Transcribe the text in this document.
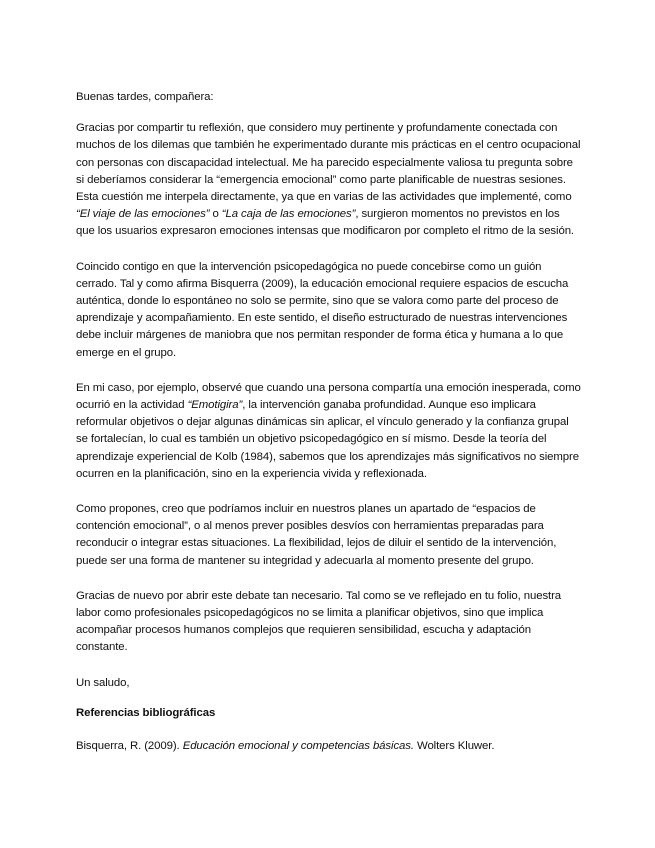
Buenas tardes, compañera:

Gracias por compartir tu reflexión, que considero muy pertinente y profundamente conectada con muchos de los dilemas que también he experimentado durante mis prácticas en el centro ocupacional con personas con discapacidad intelectual. Me ha parecido especialmente valiosa tu pregunta sobre si deberíamos considerar la “emergencia emocional” como parte planificable de nuestras sesiones. Esta cuestión me interpela directamente, ya que en varias de las actividades que implementé, como “El viaje de las emociones” o “La caja de las emociones”, surgieron momentos no previstos en los que los usuarios expresaron emociones intensas que modificaron por completo el ritmo de la sesión.

Coincido contigo en que la intervención psicopedagógica no puede concebirse como un guión cerrado. Tal y como afirma Bisquerra (2009), la educación emocional requiere espacios de escucha auténtica, donde lo espontáneo no solo se permite, sino que se valora como parte del proceso de aprendizaje y acompañamiento. En este sentido, el diseño estructurado de nuestras intervenciones debe incluir márgenes de maniobra que nos permitan responder de forma ética y humana a lo que emerge en el grupo.

En mi caso, por ejemplo, observé que cuando una persona compartía una emoción inesperada, como ocurrió en la actividad “Emotigira”, la intervención ganaba profundidad. Aunque eso implicara reformular objetivos o dejar algunas dinámicas sin aplicar, el vínculo generado y la confianza grupal se fortalecían, lo cual es también un objetivo psicopedagógico en sí mismo. Desde la teoría del aprendizaje experiencial de Kolb (1984), sabemos que los aprendizajes más significativos no siempre ocurren en la planificación, sino en la experiencia vivida y reflexionada.

Como propones, creo que podríamos incluir en nuestros planes un apartado de “espacios de contención emocional”, o al menos prever posibles desvíos con herramientas preparadas para reconducir o integrar estas situaciones. La flexibilidad, lejos de diluir el sentido de la intervención, puede ser una forma de mantener su integridad y adecuarla al momento presente del grupo.

Gracias de nuevo por abrir este debate tan necesario. Tal como se ve reflejado en tu folio, nuestra labor como profesionales psicopedagógicos no se limita a planificar objetivos, sino que implica acompañar procesos humanos complejos que requieren sensibilidad, escucha y adaptación constante.

Un saludo,

Referencias bibliográficas

Bisquerra, R. (2009). Educación emocional y competencias básicas. Wolters Kluwer.
